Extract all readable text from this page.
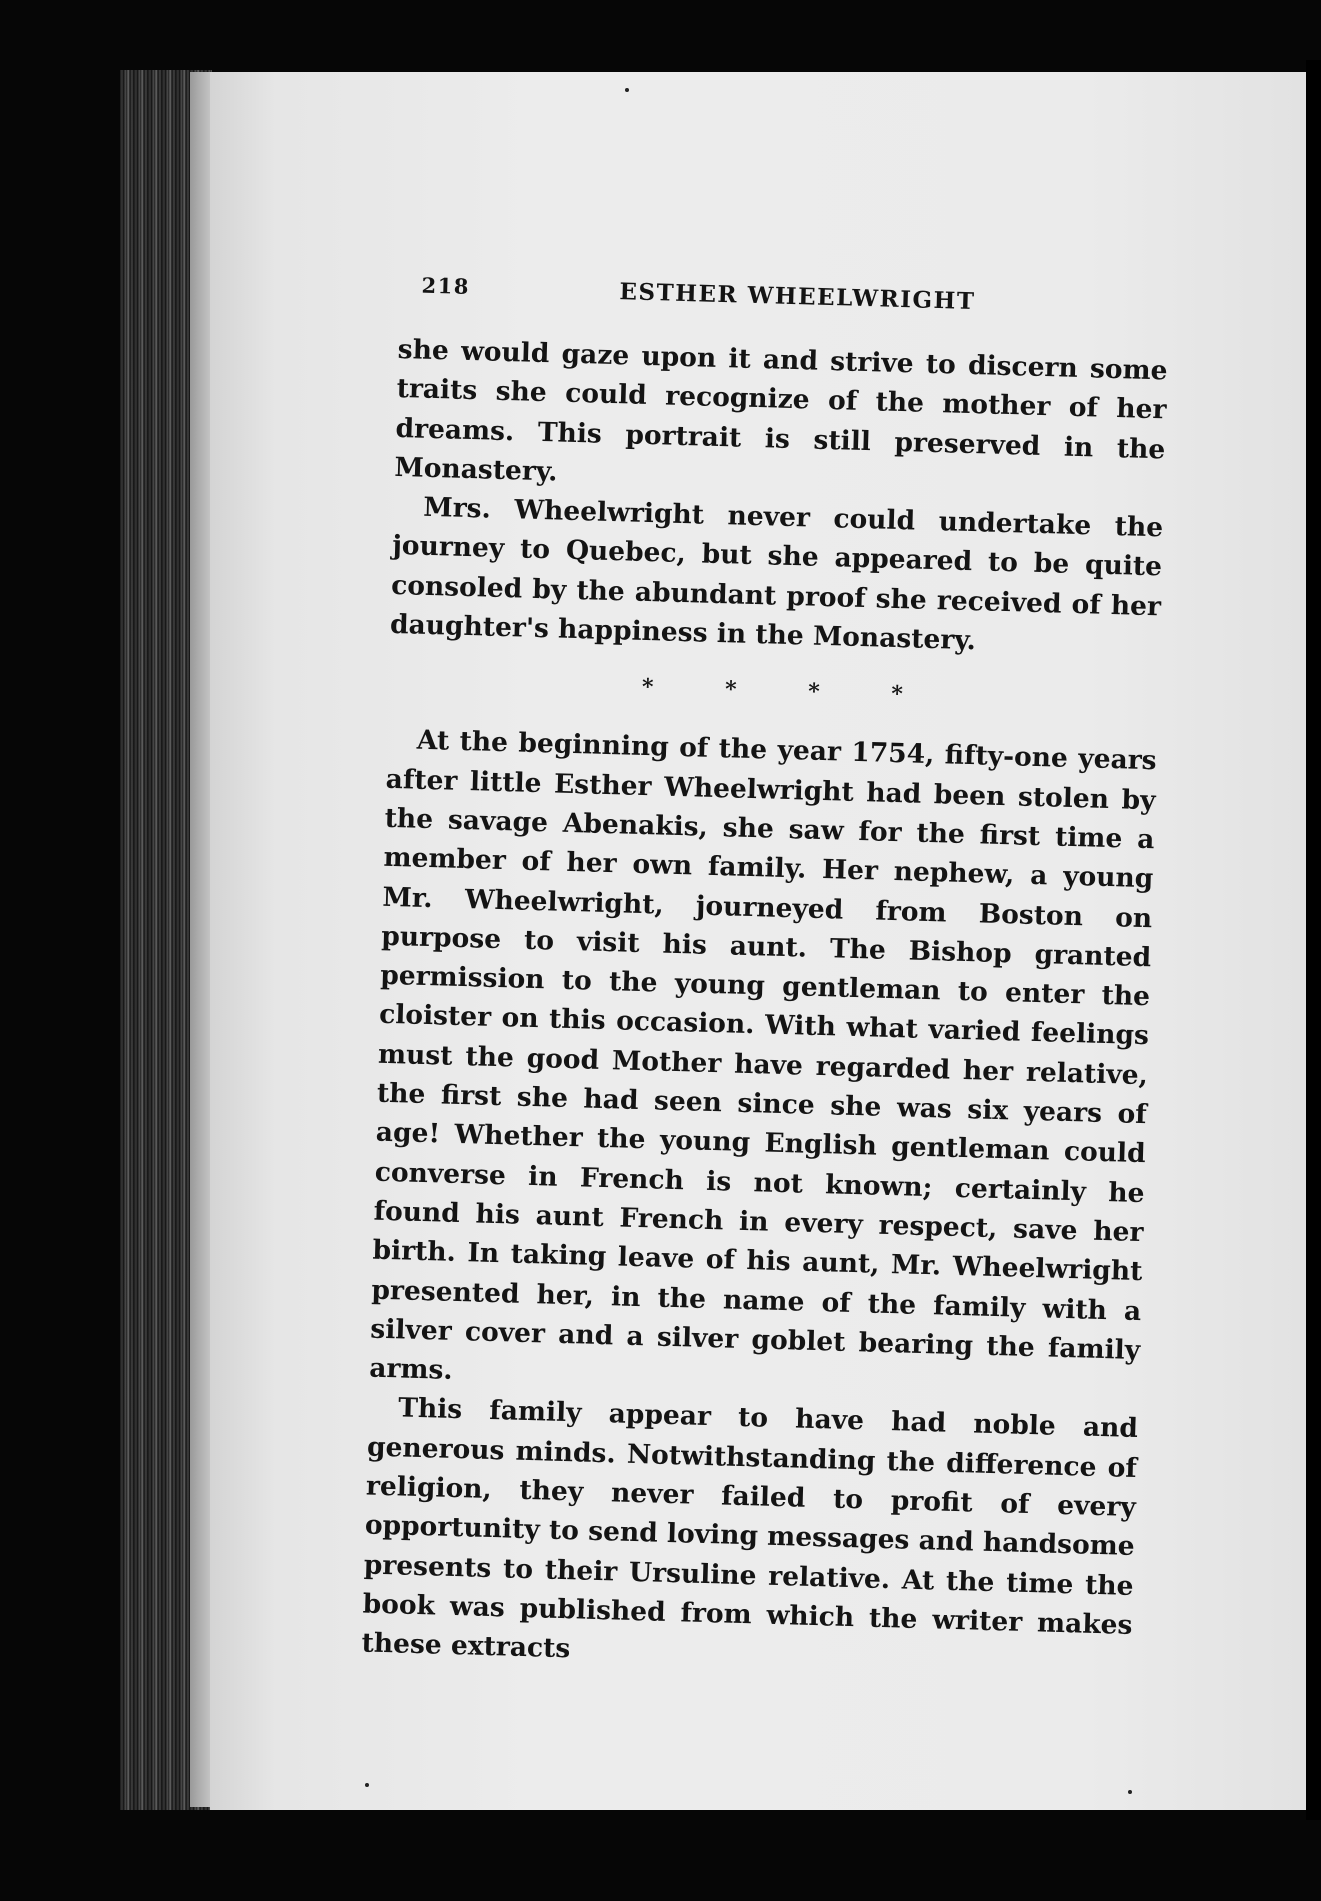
218	ESTHER WHEELWRIGHT

she would gaze upon it and strive to discern some traits she could recognize of the mother of her dreams. This portrait is still preserved in the Monastery.

Mrs. Wheelwright never could undertake the journey to Quebec, but she appeared to be quite consoled by the abundant proof she received of her daughter's happiness in the Monastery.

* * * *

At the beginning of the year 1754, fifty-one years after little Esther Wheelwright had been stolen by the savage Abenakis, she saw for the first time a member of her own family. Her nephew, a young Mr. Wheelwright, journeyed from Boston on purpose to visit his aunt. The Bishop granted permission to the young gentleman to enter the cloister on this occasion. With what varied feelings must the good Mother have regarded her relative, the first she had seen since she was six years of age! Whether the young English gentleman could converse in French is not known; certainly he found his aunt French in every respect, save her birth. In taking leave of his aunt, Mr. Wheelwright presented her, in the name of the family with a silver cover and a silver goblet bearing the family arms.

This family appear to have had noble and generous minds. Notwithstanding the difference of religion, they never failed to profit of every opportunity to send loving messages and handsome presents to their Ursuline relative. At the time the book was published from which the writer makes these extracts
